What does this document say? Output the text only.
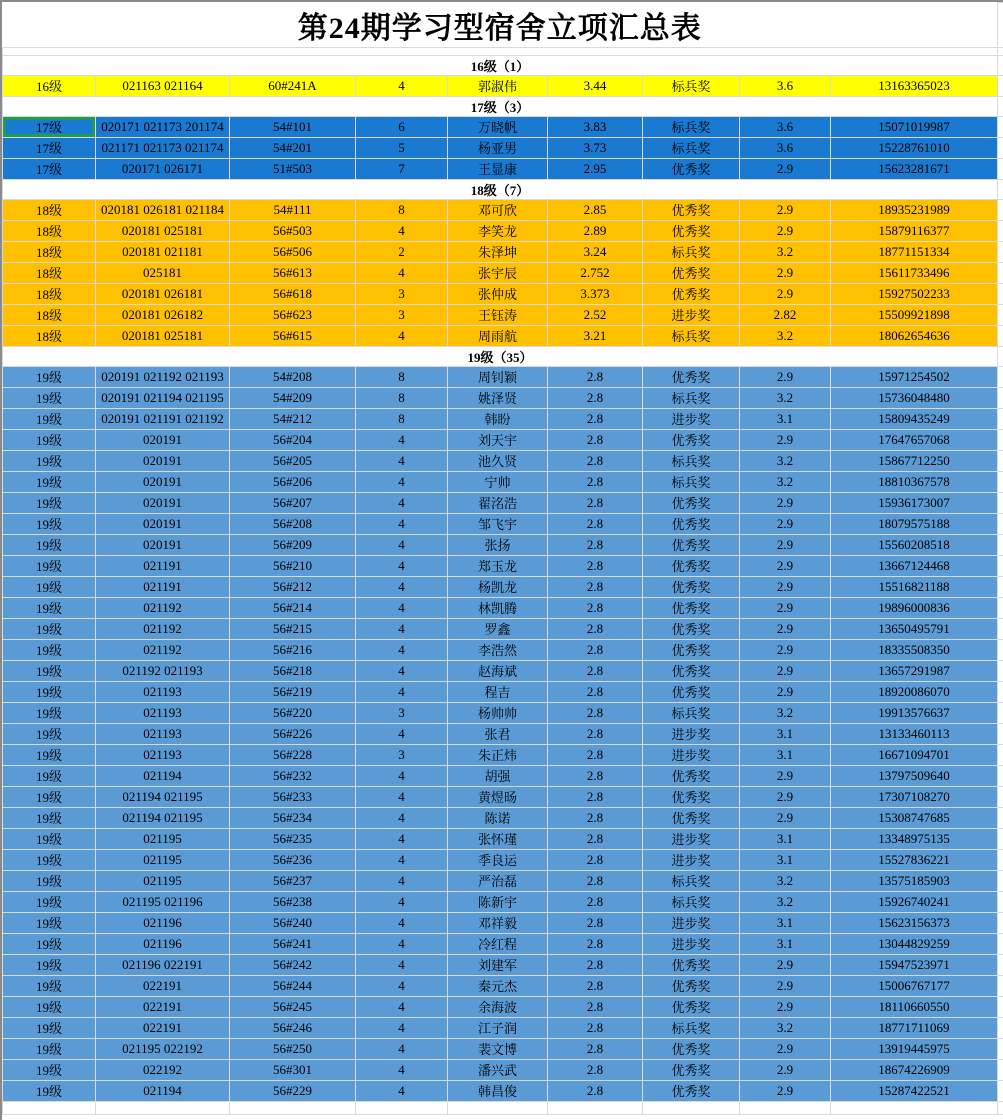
第24期学习型宿舍立项汇总表									

16级（1）									
16级	021163 021164	60#241A	4	郭淑伟	3.44	标兵奖	3.6	13163365023	
17级（3）									
17级	020171 021173 201174	54#101	6	万晓帆	3.83	标兵奖	3.6	15071019987	
17级	021171 021173 021174	54#201	5	杨亚男	3.73	标兵奖	3.6	15228761010	
17级	020171 026171	51#503	7	王显康	2.95	优秀奖	2.9	15623281671	
18级（7）									
18级	020181 026181 021184	54#111	8	邓可欣	2.85	优秀奖	2.9	18935231989	
18级	020181 025181	56#503	4	李笑龙	2.89	优秀奖	2.9	15879116377	
18级	020181 021181	56#506	2	朱泽坤	3.24	标兵奖	3.2	18771151334	
18级	025181	56#613	4	张宇辰	2.752	优秀奖	2.9	15611733496	
18级	020181 026181	56#618	3	张仲成	3.373	优秀奖	2.9	15927502233	
18级	020181 026182	56#623	3	王钰涛	2.52	进步奖	2.82	15509921898	
18级	020181 025181	56#615	4	周雨航	3.21	标兵奖	3.2	18062654636	
19级（35）									
19级	020191 021192 021193	54#208	8	周钊颖	2.8	优秀奖	2.9	15971254502	
19级	020191 021194 021195	54#209	8	姚泽贤	2.8	标兵奖	3.2	15736048480	
19级	020191 021191 021192	54#212	8	韩盼	2.8	进步奖	3.1	15809435249	
19级	020191	56#204	4	刘天宇	2.8	优秀奖	2.9	17647657068	
19级	020191	56#205	4	池久贤	2.8	标兵奖	3.2	15867712250	
19级	020191	56#206	4	宁帅	2.8	标兵奖	3.2	18810367578	
19级	020191	56#207	4	翟洺浩	2.8	优秀奖	2.9	15936173007	
19级	020191	56#208	4	邹飞宇	2.8	优秀奖	2.9	18079575188	
19级	020191	56#209	4	张扬	2.8	优秀奖	2.9	15560208518	
19级	021191	56#210	4	郑玉龙	2.8	优秀奖	2.9	13667124468	
19级	021191	56#212	4	杨凯龙	2.8	优秀奖	2.9	15516821188	
19级	021192	56#214	4	林凯腾	2.8	优秀奖	2.9	19896000836	
19级	021192	56#215	4	罗鑫	2.8	优秀奖	2.9	13650495791	
19级	021192	56#216	4	李浩然	2.8	优秀奖	2.9	18335508350	
19级	021192 021193	56#218	4	赵海斌	2.8	优秀奖	2.9	13657291987	
19级	021193	56#219	4	程吉	2.8	优秀奖	2.9	18920086070	
19级	021193	56#220	3	杨帅帅	2.8	标兵奖	3.2	19913576637	
19级	021193	56#226	4	张君	2.8	进步奖	3.1	13133460113	
19级	021193	56#228	3	朱正炜	2.8	进步奖	3.1	16671094701	
19级	021194	56#232	4	胡强	2.8	优秀奖	2.9	13797509640	
19级	021194 021195	56#233	4	黄煜旸	2.8	优秀奖	2.9	17307108270	
19级	021194 021195	56#234	4	陈诺	2.8	优秀奖	2.9	15308747685	
19级	021195	56#235	4	张怀瑾	2.8	进步奖	3.1	13348975135	
19级	021195	56#236	4	季良运	2.8	进步奖	3.1	15527836221	
19级	021195	56#237	4	严治磊	2.8	标兵奖	3.2	13575185903	
19级	021195 021196	56#238	4	陈新宇	2.8	标兵奖	3.2	15926740241	
19级	021196	56#240	4	邓祥毅	2.8	进步奖	3.1	15623156373	
19级	021196	56#241	4	冷红程	2.8	进步奖	3.1	13044829259	
19级	021196 022191	56#242	4	刘建军	2.8	优秀奖	2.9	15947523971	
19级	022191	56#244	4	秦元杰	2.8	优秀奖	2.9	15006767177	
19级	022191	56#245	4	余海波	2.8	优秀奖	2.9	18110660550	
19级	022191	56#246	4	江子润	2.8	标兵奖	3.2	18771711069	
19级	021195 022192	56#250	4	裴文博	2.8	优秀奖	2.9	13919445975	
19级	022192	56#301	4	潘兴武	2.8	优秀奖	2.9	18674226909	
19级	021194	56#229	4	韩昌俊	2.8	优秀奖	2.9	15287422521	
